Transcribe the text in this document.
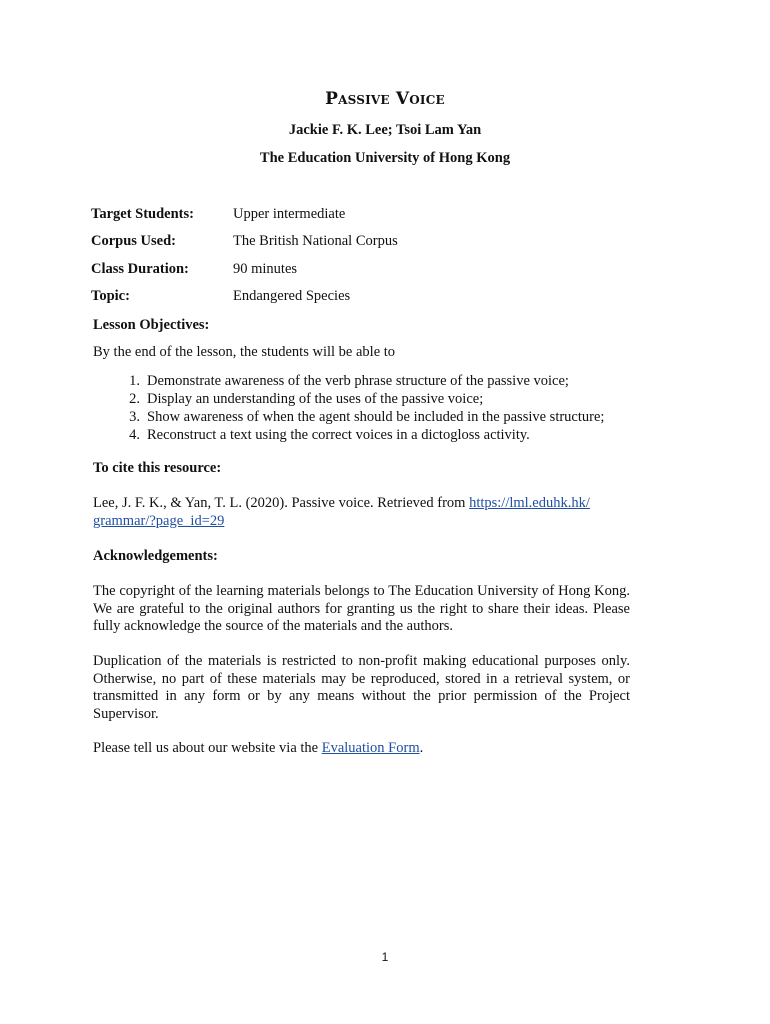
Passive Voice
Jackie F. K. Lee; Tsoi Lam Yan
The Education University of Hong Kong
Target Students:	Upper intermediate
Corpus Used:	The British National Corpus
Class Duration:	90 minutes
Topic:	Endangered Species
Lesson Objectives:
By the end of the lesson, the students will be able to
1. Demonstrate awareness of the verb phrase structure of the passive voice;
2. Display an understanding of the uses of the passive voice;
3. Show awareness of when the agent should be included in the passive structure;
4. Reconstruct a text using the correct voices in a dictogloss activity.
To cite this resource:
Lee, J. F. K., & Yan, T. L. (2020). Passive voice. Retrieved from https://lml.eduhk.hk/
grammar/?page_id=29
Acknowledgements:
The copyright of the learning materials belongs to The Education University of Hong Kong. We are grateful to the original authors for granting us the right to share their ideas. Please fully acknowledge the source of the materials and the authors.
Duplication of the materials is restricted to non-profit making educational purposes only. Otherwise, no part of these materials may be reproduced, stored in a retrieval system, or transmitted in any form or by any means without the prior permission of the Project Supervisor.
Please tell us about our website via the Evaluation Form.
1
